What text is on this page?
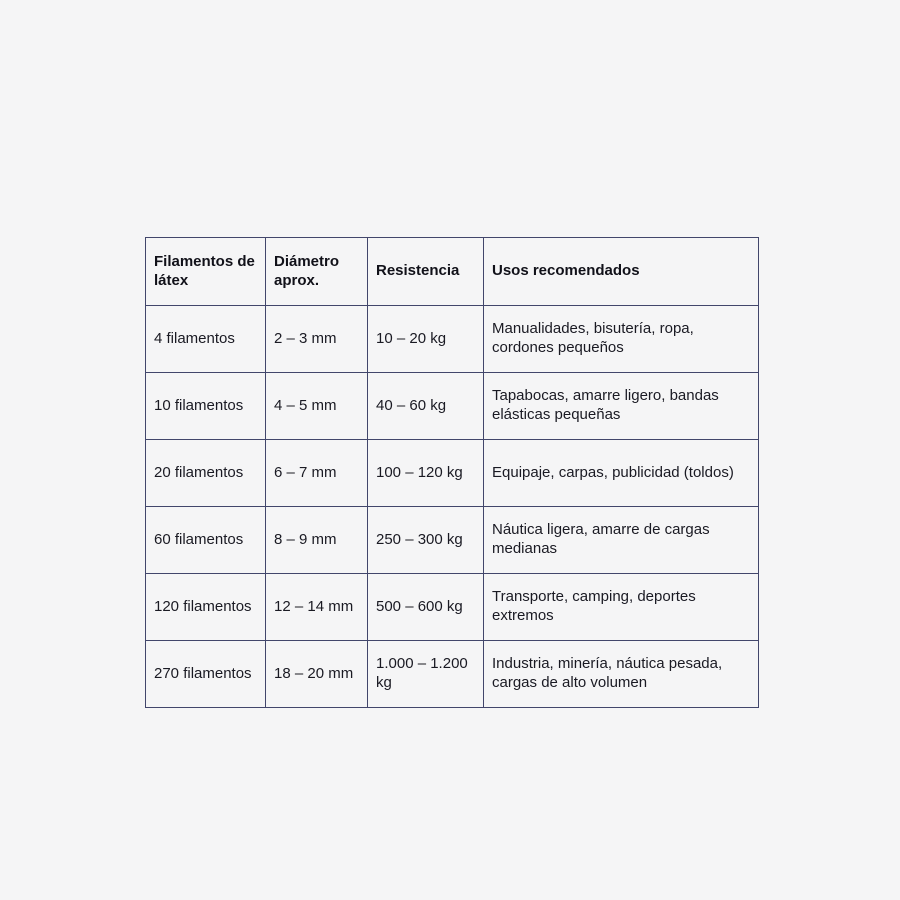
Filamentos de látex	Diámetro aprox.	Resistencia	Usos recomendados
4 filamentos	2 – 3 mm	10 – 20 kg	Manualidades, bisutería, ropa, cordones pequeños
10 filamentos	4 – 5 mm	40 – 60 kg	Tapabocas, amarre ligero, bandas elásticas pequeñas
20 filamentos	6 – 7 mm	100 – 120 kg	Equipaje, carpas, publicidad (toldos)
60 filamentos	8 – 9 mm	250 – 300 kg	Náutica ligera, amarre de cargas medianas
120 filamentos	12 – 14 mm	500 – 600 kg	Transporte, camping, deportes extremos
270 filamentos	18 – 20 mm	1.000 – 1.200 kg	Industria, minería, náutica pesada, cargas de alto volumen
